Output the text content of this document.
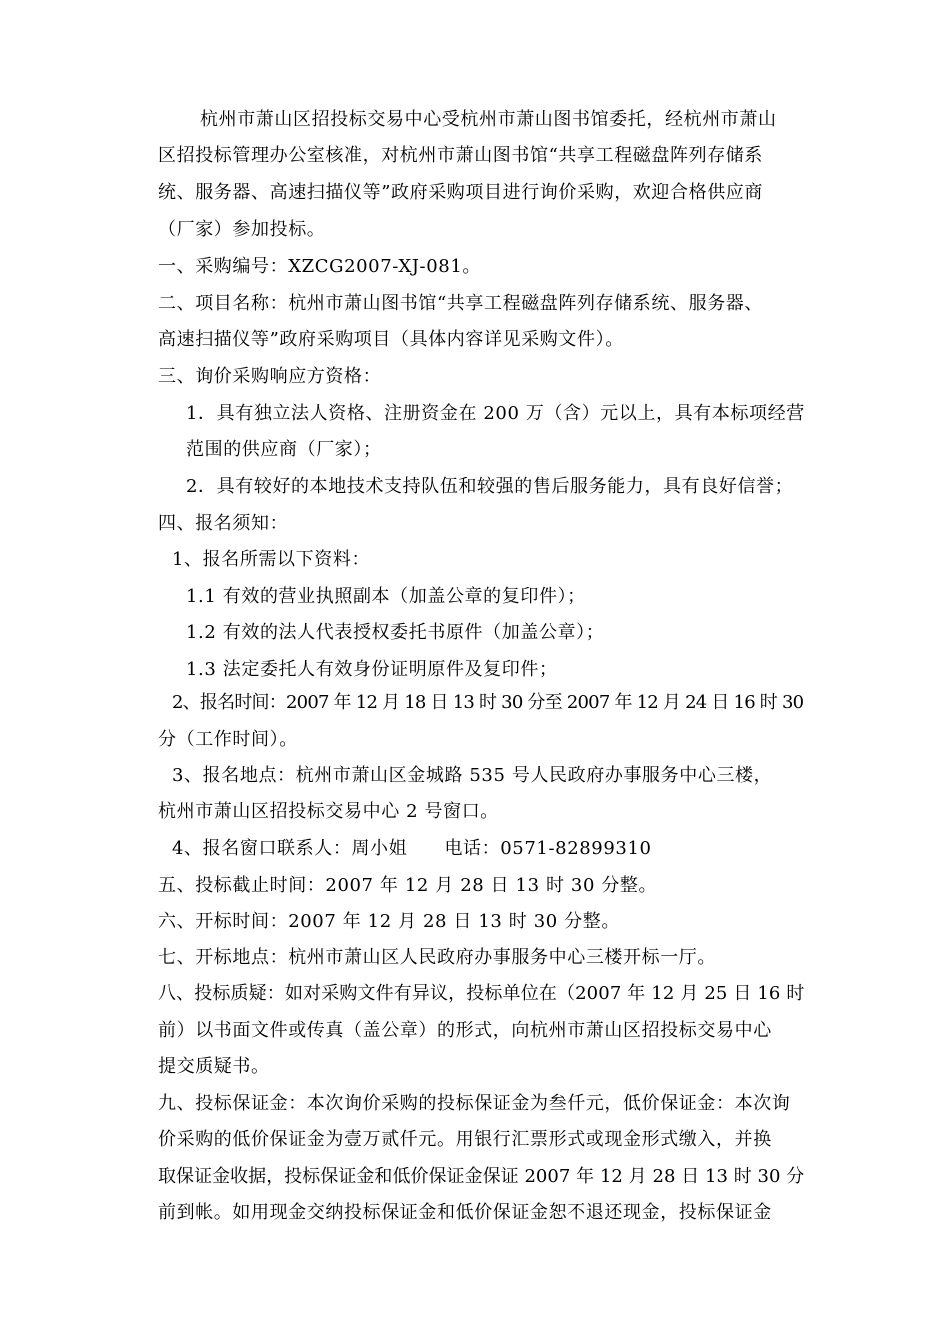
杭州市萧山区招投标交易中心受杭州市萧山图书馆委托，经杭州市萧山
区招投标管理办公室核准，对杭州市萧山图书馆“共享工程磁盘阵列存储系
统、服务器、高速扫描仪等”政府采购项目进行询价采购，欢迎合格供应商
（厂家）参加投标。
一、采购编号：XZCG2007-XJ-081。
二、项目名称：杭州市萧山图书馆“共享工程磁盘阵列存储系统、服务器、
高速扫描仪等”政府采购项目（具体内容详见采购文件）。
三、询价采购响应方资格：
1．具有独立法人资格、注册资金在 200 万（含）元以上，具有本标项经营
范围的供应商（厂家）；
2．具有较好的本地技术支持队伍和较强的售后服务能力，具有良好信誉；
四、报名须知：
1、报名所需以下资料：
1.1 有效的营业执照副本（加盖公章的复印件）；
1.2 有效的法人代表授权委托书原件（加盖公章）；
1.3 法定委托人有效身份证明原件及复印件；
2、报名时间：2007 年 12 月 18 日 13 时 30 分至 2007 年 12 月 24 日 16 时 30
分（工作时间）。
3、报名地点：杭州市萧山区金城路 535 号人民政府办事服务中心三楼，
杭州市萧山区招投标交易中心 2 号窗口。
4、报名窗口联系人：周小姐　　电话：0571-82899310
五、投标截止时间：2007 年 12 月 28 日 13 时 30 分整。
六、开标时间：2007 年 12 月 28 日 13 时 30 分整。
七、开标地点：杭州市萧山区人民政府办事服务中心三楼开标一厅。
八、投标质疑：如对采购文件有异议，投标单位在（2007 年 12 月 25 日 16 时
前）以书面文件或传真（盖公章）的形式，向杭州市萧山区招投标交易中心
提交质疑书。
九、投标保证金：本次询价采购的投标保证金为叁仟元，低价保证金：本次询
价采购的低价保证金为壹万贰仟元。用银行汇票形式或现金形式缴入，并换
取保证金收据，投标保证金和低价保证金保证 2007 年 12 月 28 日 13 时 30 分
前到帐。如用现金交纳投标保证金和低价保证金恕不退还现金，投标保证金
